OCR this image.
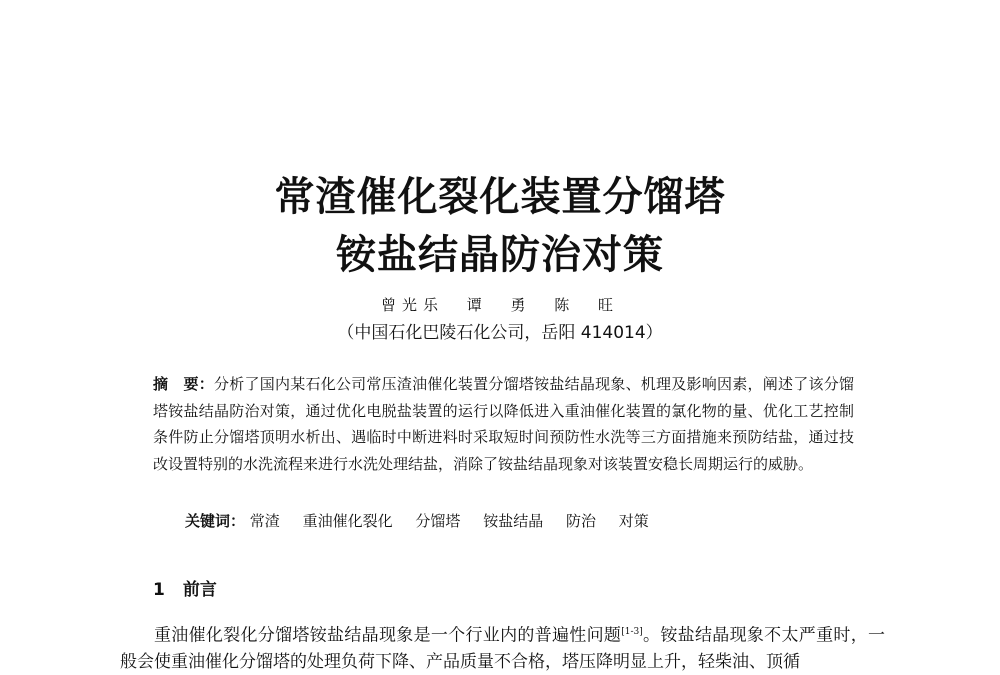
常渣催化裂化装置分馏塔
铵盐结晶防治对策
曾光乐 谭 勇 陈 旺
（中国石化巴陵石化公司，岳阳 414014）

摘　要：分析了国内某石化公司常压渣油催化装置分馏塔铵盐结晶现象、机理及影响因素，阐述了该分馏塔铵盐结晶防治对策，通过优化电脱盐装置的运行以降低进入重油催化装置的氯化物的量、优化工艺控制条件防止分馏塔顶明水析出、遇临时中断进料时采取短时间预防性水洗等三方面措施来预防结盐，通过技改设置特别的水洗流程来进行水洗处理结盐，消除了铵盐结晶现象对该装置安稳长周期运行的威胁。

关键词： 常渣 重油催化裂化 分馏塔 铵盐结晶 防治 对策
1 前言

重油催化裂化分馏塔铵盐结晶现象是一个行业内的普遍性问题[1-3]。铵盐结晶现象不太严重时，一般会使重油催化分馏塔的处理负荷下降、产品质量不合格，塔压降明显上升，轻柴油、顶循
